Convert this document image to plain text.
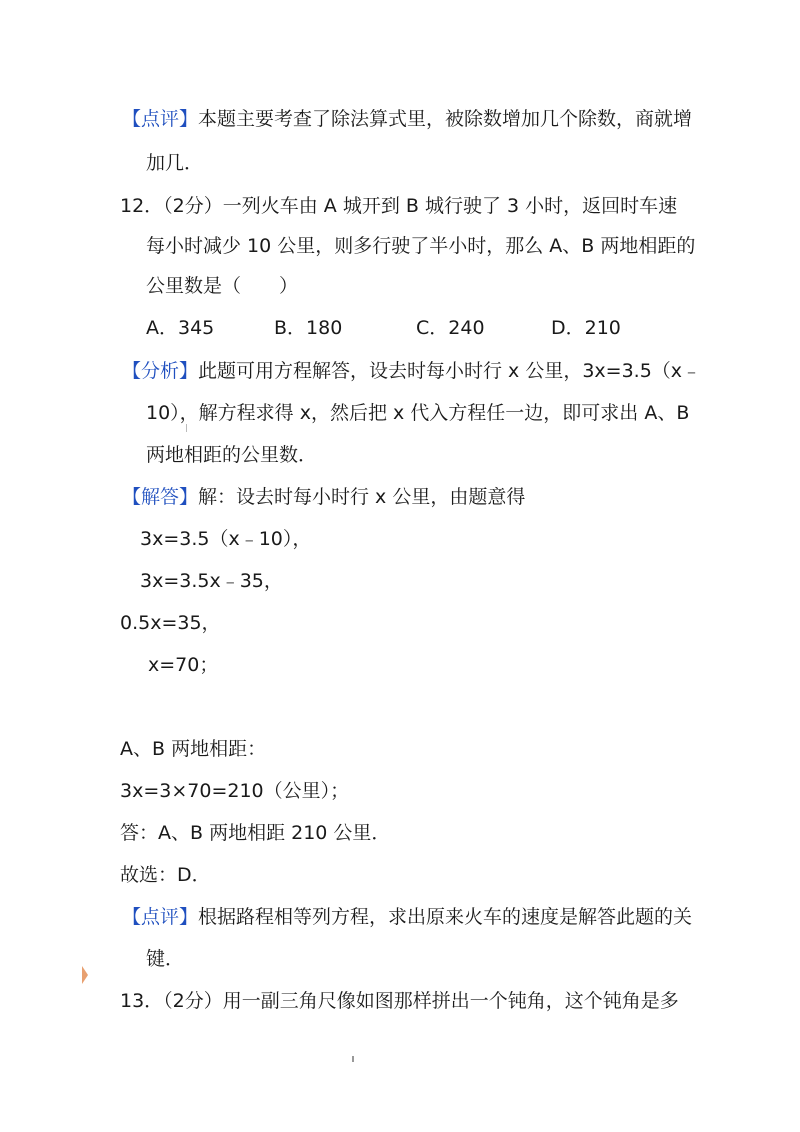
【点评】本题主要考查了除法算式里，被除数增加几个除数，商就增
加几．
12．（2分）一列火车由 A 城开到 B 城行驶了 3 小时，返回时车速
每小时减少 10 公里，则多行驶了半小时，那么 A、B 两地相距的
公里数是（　　）
A．345	B．180	C．240	D．210
【分析】此题可用方程解答，设去时每小时行 x 公里，3x=3.5（x﹣
10），解方程求得 x，然后把 x 代入方程任一边，即可求出 A、B
两地相距的公里数．
【解答】解：设去时每小时行 x 公里，由题意得
3x=3.5（x﹣10），
3x=3.5x﹣35，
0.5x=35，
x=70；
A、B 两地相距：
3x=3×70=210（公里）；
答：A、B 两地相距 210 公里．
故选：D．
【点评】根据路程相等列方程，求出原来火车的速度是解答此题的关
键．
13．（2分）用一副三角尺像如图那样拼出一个钝角，这个钝角是多
